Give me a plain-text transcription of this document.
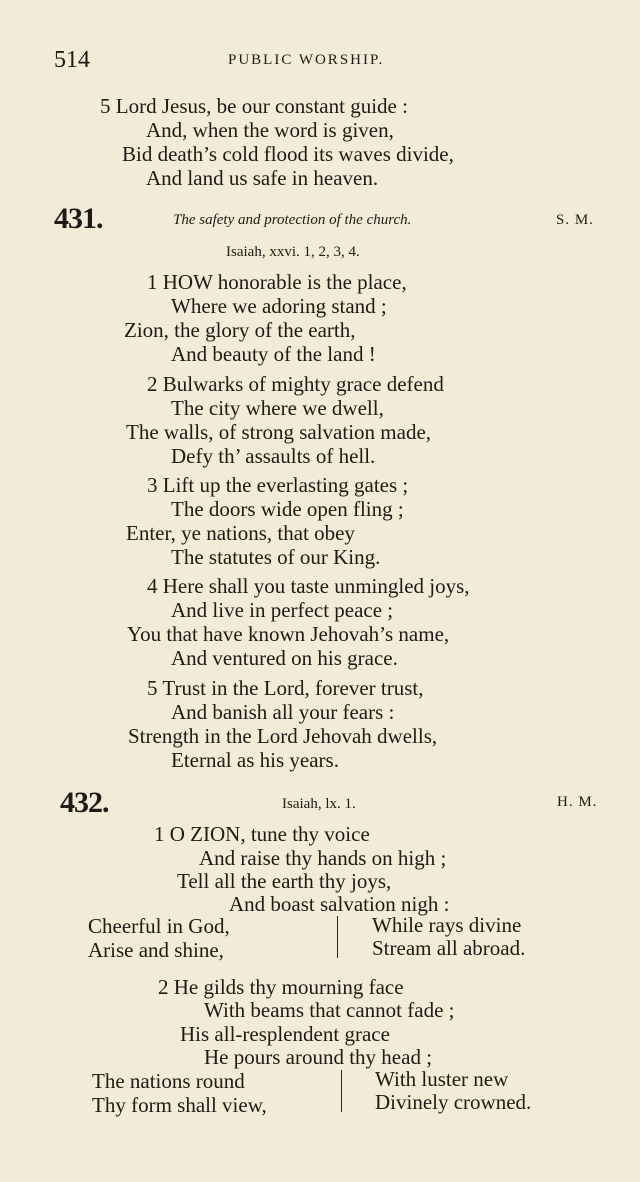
514	PUBLIC WORSHIP.
5 Lord Jesus, be our constant guide :
And, when the word is given,
Bid death’s cold flood its waves divide,
And land us safe in heaven.
431.	The safety and protection of the church.	S. M.
Isaiah, xxvi. 1, 2, 3, 4.
1 HOW honorable is the place,
Where we adoring stand ;
Zion, the glory of the earth,
And beauty of the land !
2 Bulwarks of mighty grace defend
The city where we dwell,
The walls, of strong salvation made,
Defy th’ assaults of hell.
3 Lift up the everlasting gates ;
The doors wide open fling ;
Enter, ye nations, that obey
The statutes of our King.
4 Here shall you taste unmingled joys,
And live in perfect peace ;
You that have known Jehovah’s name,
And ventured on his grace.
5 Trust in the Lord, forever trust,
And banish all your fears :
Strength in the Lord Jehovah dwells,
Eternal as his years.
432.	Isaiah, lx. 1.	H. M.
1 O ZION, tune thy voice
And raise thy hands on high ;
Tell all the earth thy joys,
And boast salvation nigh :
Cheerful in God,
Arise and shine,
While rays divine
Stream all abroad.
2 He gilds thy mourning face
With beams that cannot fade ;
His all-resplendent grace
He pours around thy head ;
The nations round
Thy form shall view,
With luster new
Divinely crowned.
